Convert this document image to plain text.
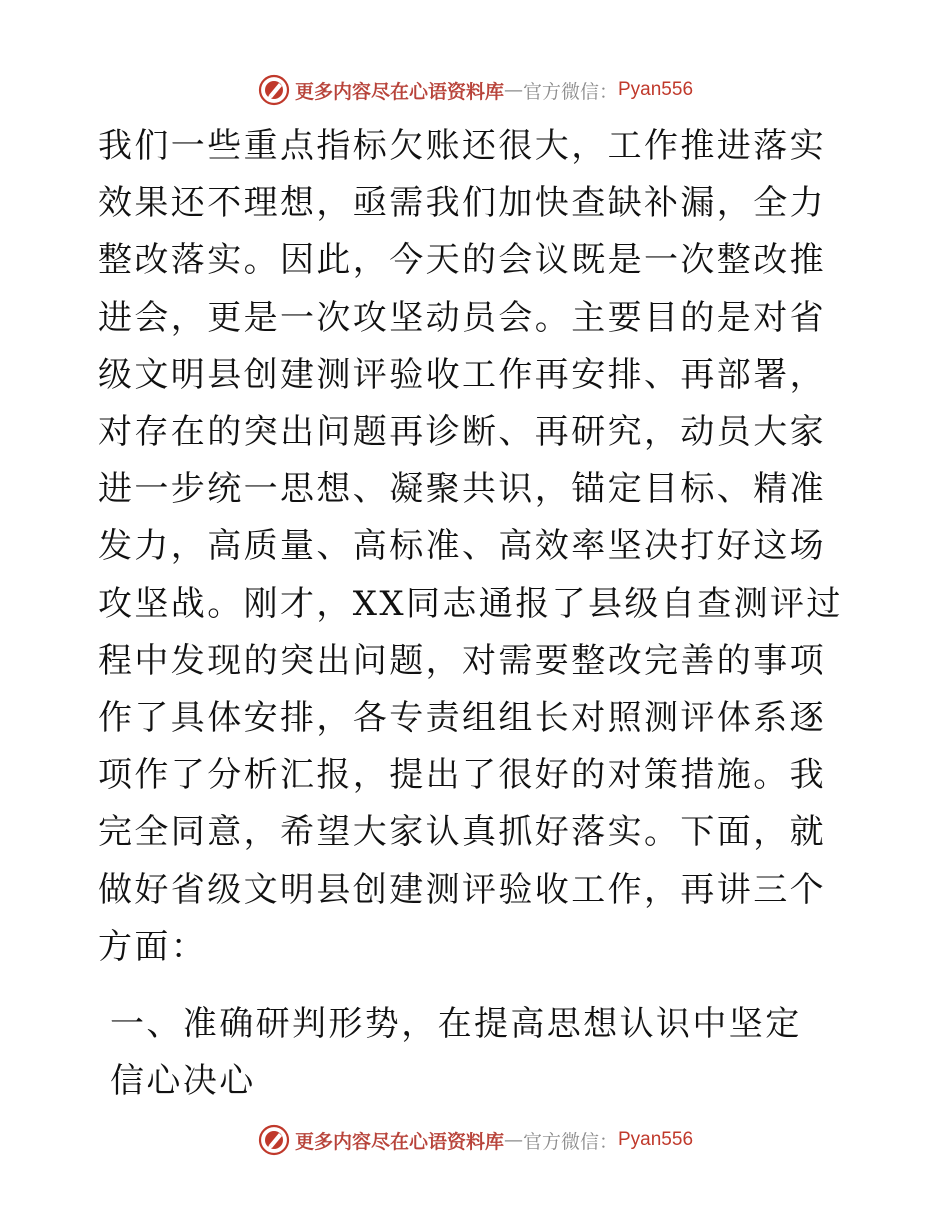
更多内容尽在心语资料库 — 官方微信： Pyan556

我们一些重点指标欠账还很大，工作推进落实效果还不理想，亟需我们加快查缺补漏，全力整改落实。因此，今天的会议既是一次整改推进会，更是一次攻坚动员会。主要目的是对省级文明县创建测评验收工作再安排、再部署，对存在的突出问题再诊断、再研究，动员大家进一步统一思想、凝聚共识，锚定目标、精准发力，高质量、高标准、高效率坚决打好这场攻坚战。刚才，XX同志通报了县级自查测评过程中发现的突出问题，对需要整改完善的事项作了具体安排，各专责组组长对照测评体系逐项作了分析汇报，提出了很好的对策措施。我完全同意，希望大家认真抓好落实。下面，就做好省级文明县创建测评验收工作，再讲三个方面：

一、准确研判形势，在提高思想认识中坚定信心决心

更多内容尽在心语资料库 — 官方微信： Pyan556
